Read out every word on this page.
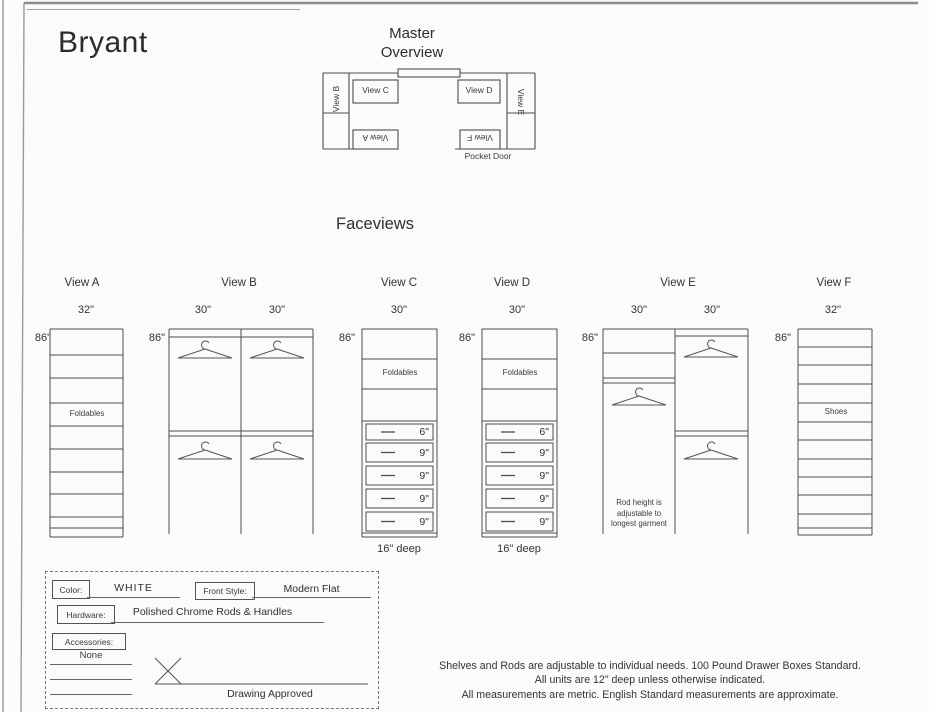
Bryant	Master
Overview
View C	View D
View A	View F
View B	View E
Pocket Door
Faceviews
View A	View B	View C	View D	View E	View F
32"	30"	30"	30"	30"	30"	30"	32"
86"	86"	86"	86"	86"	86"
Foldables
Foldables	Foldables
Shoes
Rod height is
adjustable to
longest garment
6"
9"
9"
9"
9"
6"
9"
9"
9"
9"
16" deep	16" deep
Color:	WHITE	Front Style:	Modern Flat
Hardware:	Polished Chrome Rods & Handles
Accessories:
None
Drawing Approved
Shelves and Rods are adjustable to individual needs. 100 Pound Drawer Boxes Standard.
All units are 12" deep unless otherwise indicated.
All measurements are metric. English Standard measurements are approximate.
